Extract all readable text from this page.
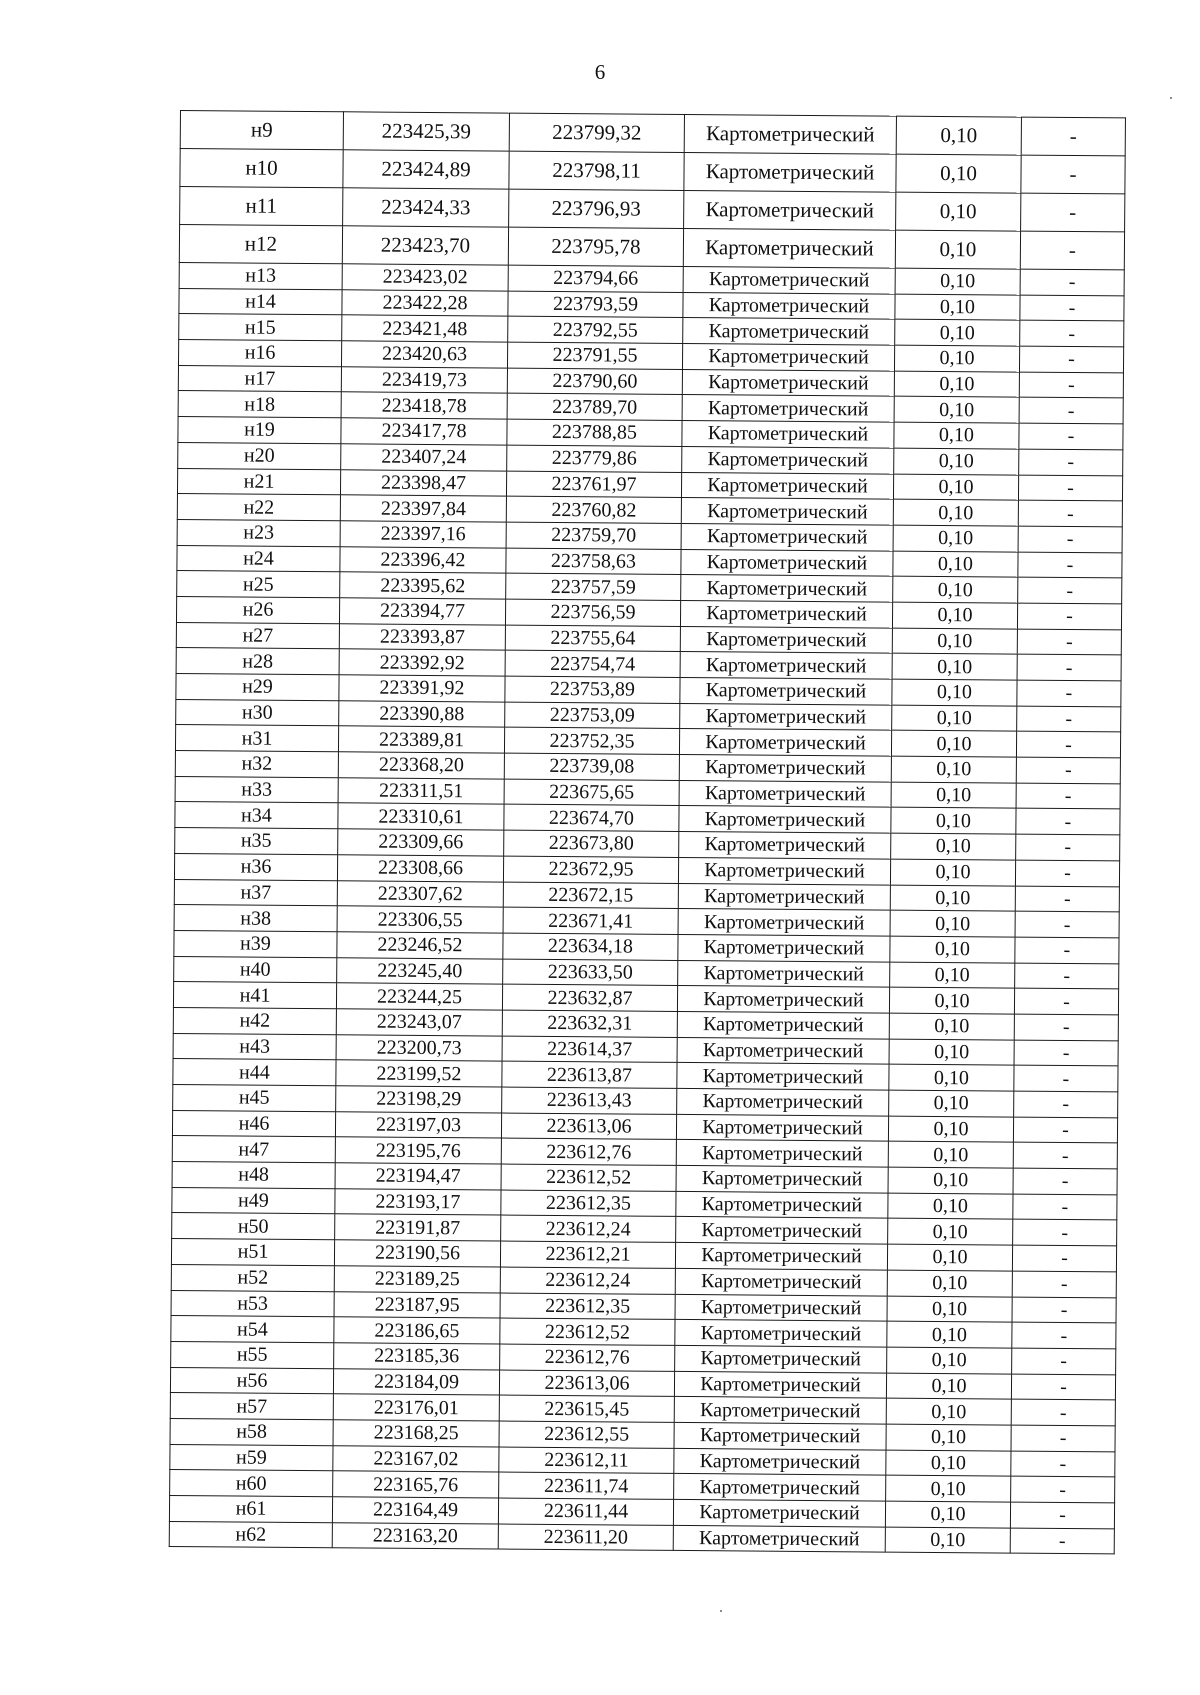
6
н9	223425,39	223799,32	Картометрический	0,10	-
н10	223424,89	223798,11	Картометрический	0,10	-
н11	223424,33	223796,93	Картометрический	0,10	-
н12	223423,70	223795,78	Картометрический	0,10	-
н13	223423,02	223794,66	Картометрический	0,10	-
н14	223422,28	223793,59	Картометрический	0,10	-
н15	223421,48	223792,55	Картометрический	0,10	-
н16	223420,63	223791,55	Картометрический	0,10	-
н17	223419,73	223790,60	Картометрический	0,10	-
н18	223418,78	223789,70	Картометрический	0,10	-
н19	223417,78	223788,85	Картометрический	0,10	-
н20	223407,24	223779,86	Картометрический	0,10	-
н21	223398,47	223761,97	Картометрический	0,10	-
н22	223397,84	223760,82	Картометрический	0,10	-
н23	223397,16	223759,70	Картометрический	0,10	-
н24	223396,42	223758,63	Картометрический	0,10	-
н25	223395,62	223757,59	Картометрический	0,10	-
н26	223394,77	223756,59	Картометрический	0,10	-
н27	223393,87	223755,64	Картометрический	0,10	-
н28	223392,92	223754,74	Картометрический	0,10	-
н29	223391,92	223753,89	Картометрический	0,10	-
н30	223390,88	223753,09	Картометрический	0,10	-
н31	223389,81	223752,35	Картометрический	0,10	-
н32	223368,20	223739,08	Картометрический	0,10	-
н33	223311,51	223675,65	Картометрический	0,10	-
н34	223310,61	223674,70	Картометрический	0,10	-
н35	223309,66	223673,80	Картометрический	0,10	-
н36	223308,66	223672,95	Картометрический	0,10	-
н37	223307,62	223672,15	Картометрический	0,10	-
н38	223306,55	223671,41	Картометрический	0,10	-
н39	223246,52	223634,18	Картометрический	0,10	-
н40	223245,40	223633,50	Картометрический	0,10	-
н41	223244,25	223632,87	Картометрический	0,10	-
н42	223243,07	223632,31	Картометрический	0,10	-
н43	223200,73	223614,37	Картометрический	0,10	-
н44	223199,52	223613,87	Картометрический	0,10	-
н45	223198,29	223613,43	Картометрический	0,10	-
н46	223197,03	223613,06	Картометрический	0,10	-
н47	223195,76	223612,76	Картометрический	0,10	-
н48	223194,47	223612,52	Картометрический	0,10	-
н49	223193,17	223612,35	Картометрический	0,10	-
н50	223191,87	223612,24	Картометрический	0,10	-
н51	223190,56	223612,21	Картометрический	0,10	-
н52	223189,25	223612,24	Картометрический	0,10	-
н53	223187,95	223612,35	Картометрический	0,10	-
н54	223186,65	223612,52	Картометрический	0,10	-
н55	223185,36	223612,76	Картометрический	0,10	-
н56	223184,09	223613,06	Картометрический	0,10	-
н57	223176,01	223615,45	Картометрический	0,10	-
н58	223168,25	223612,55	Картометрический	0,10	-
н59	223167,02	223612,11	Картометрический	0,10	-
н60	223165,76	223611,74	Картометрический	0,10	-
н61	223164,49	223611,44	Картометрический	0,10	-
н62	223163,20	223611,20	Картометрический	0,10	-
